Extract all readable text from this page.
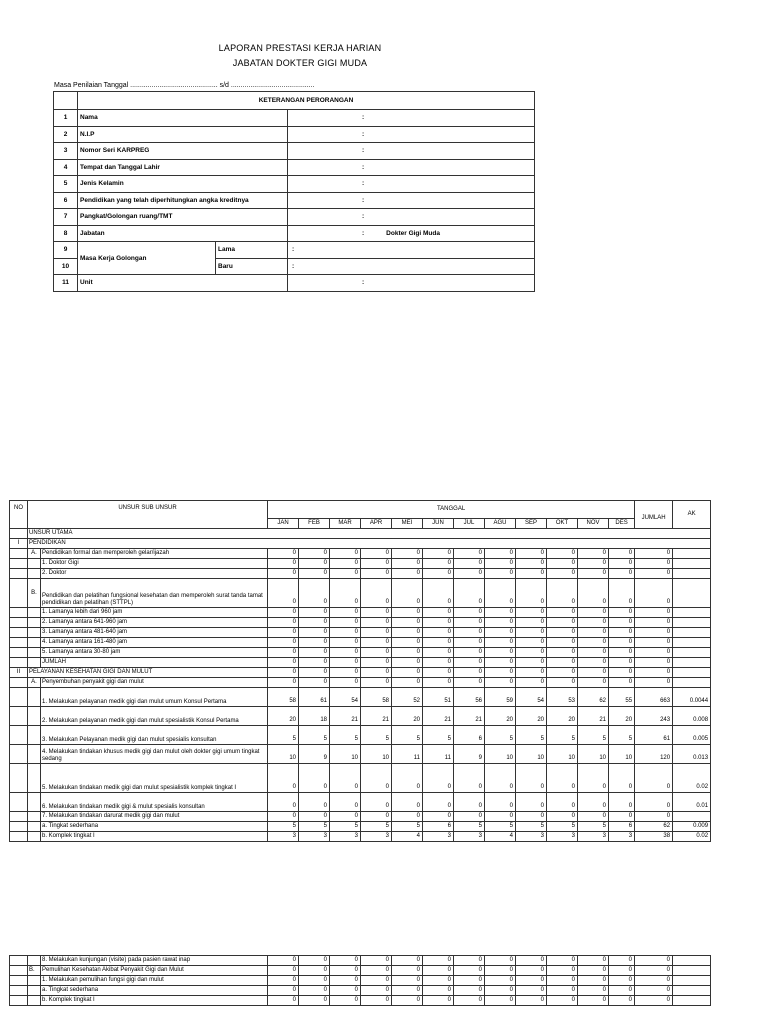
LAPORAN PRESTASI KERJA HARIAN
JABATAN DOKTER GIGI MUDA
Masa Penilaian Tanggal ............................................. s/d ...........................................
	KETERANGAN PERORANGAN		
1	Nama		:
2	N.I.P		:
3	Nomor Seri KARPREG		:
4	Tempat dan Tanggal Lahir		:
5	Jenis Kelamin		:
6	Pendidikan yang telah diperhitungkan angka kreditnya		:
7	Pangkat/Golongan ruang/TMT		:
8	Jabatan		: Dokter Gigi Muda
9	Masa Kerja Golongan	Lama	:
10		Baru	:
11	Unit		:
NO	UNSUR SUB UNSUR		TANGGAL												JUMLAH	AK
			JAN	FEB	MAR	APR	MEI	JUN	JUL	AGU	SEP	OKT	NOV	DES		
	UNSUR UTAMA															
I	PENDIDIKAN															
	A.	Pendidikan formal dan memperoleh gelar/ijazah	0	0	0	0	0	0	0	0	0	0	0	0	0	
		1. Doktor Gigi	0	0	0	0	0	0	0	0	0	0	0	0	0	
		2. Doktor	0	0	0	0	0	0	0	0	0	0	0	0	0	
	B.	Pendidikan dan pelatihan fungsional kesehatan dan memperoleh surat tanda tamat pendidikan dan pelatihan (STTPL)	0	0	0	0	0	0	0	0	0	0	0	0	0	
		1. Lamanya lebih dari 960 jam	0	0	0	0	0	0	0	0	0	0	0	0	0	
		2. Lamanya antara 641-960 jam	0	0	0	0	0	0	0	0	0	0	0	0	0	
		3. Lamanya antara 481-640 jam	0	0	0	0	0	0	0	0	0	0	0	0	0	
		4. Lamanya antara 161-480 jam	0	0	0	0	0	0	0	0	0	0	0	0	0	
		5. Lamanya antara 30-80 jam	0	0	0	0	0	0	0	0	0	0	0	0	0	
		JUMLAH	0	0	0	0	0	0	0	0	0	0	0	0	0	
II	PELAYANAN KESEHATAN GIGI DAN MULUT		0	0	0	0	0	0	0	0	0	0	0	0	0	
	A.	Penyembuhan penyakit gigi dan mulut	0	0	0	0	0	0	0	0	0	0	0	0	0	
		1. Melakukan pelayanan medik gigi dan mulut umum Konsul Pertama	58	61	54	58	52	51	56	59	54	53	62	55	663	0.0044
		2. Melakukan pelayanan medik gigi dan mulut spesialistik Konsul Pertama	20	18	21	21	20	21	21	20	20	20	21	20	243	0.008
		3. Melakukan Pelayanan medik gigi dan mulut spesialis konsultan	5	5	5	5	5	5	6	5	5	5	5	5	61	0.005
		4. Melakukan tindakan khusus medik gigi dan mulut oleh dokter gigi umum tingkat sedang	10	9	10	10	11	11	9	10	10	10	10	10	120	0.013
		5. Melakukan tindakan medik gigi dan mulut spesialistik komplek tingkat I	0	0	0	0	0	0	0	0	0	0	0	0	0	0.02
		6. Melakukan tindakan medik gigi & mulut spesialis konsultan	0	0	0	0	0	0	0	0	0	0	0	0	0	0.01
		7. Melakukan tindakan darurat medik gigi dan mulut	0	0	0	0	0	0	0	0	0	0	0	0	0	
		a. Tingkat sederhana	5	5	5	5	5	6	5	5	5	5	5	6	62	0.009
		b. Komplek tingkat I	3	3	3	3	4	3	3	4	3	3	3	3	38	0.02
		8. Melakukan kunjungan (visite) pada pasien rawat inap	0	0	0	0	0	0	0	0	0	0	0	0	0	
	B.	Pemulihan Kesehatan Akibat Penyakit Gigi dan Mulut	0	0	0	0	0	0	0	0	0	0	0	0	0	
		1. Melakukan pemulihan fungsi gigi dan mulut	0	0	0	0	0	0	0	0	0	0	0	0	0	
		a. Tingkat sederhana	0	0	0	0	0	0	0	0	0	0	0	0	0	
		b. Komplek tingkat I	0	0	0	0	0	0	0	0	0	0	0	0	0	
